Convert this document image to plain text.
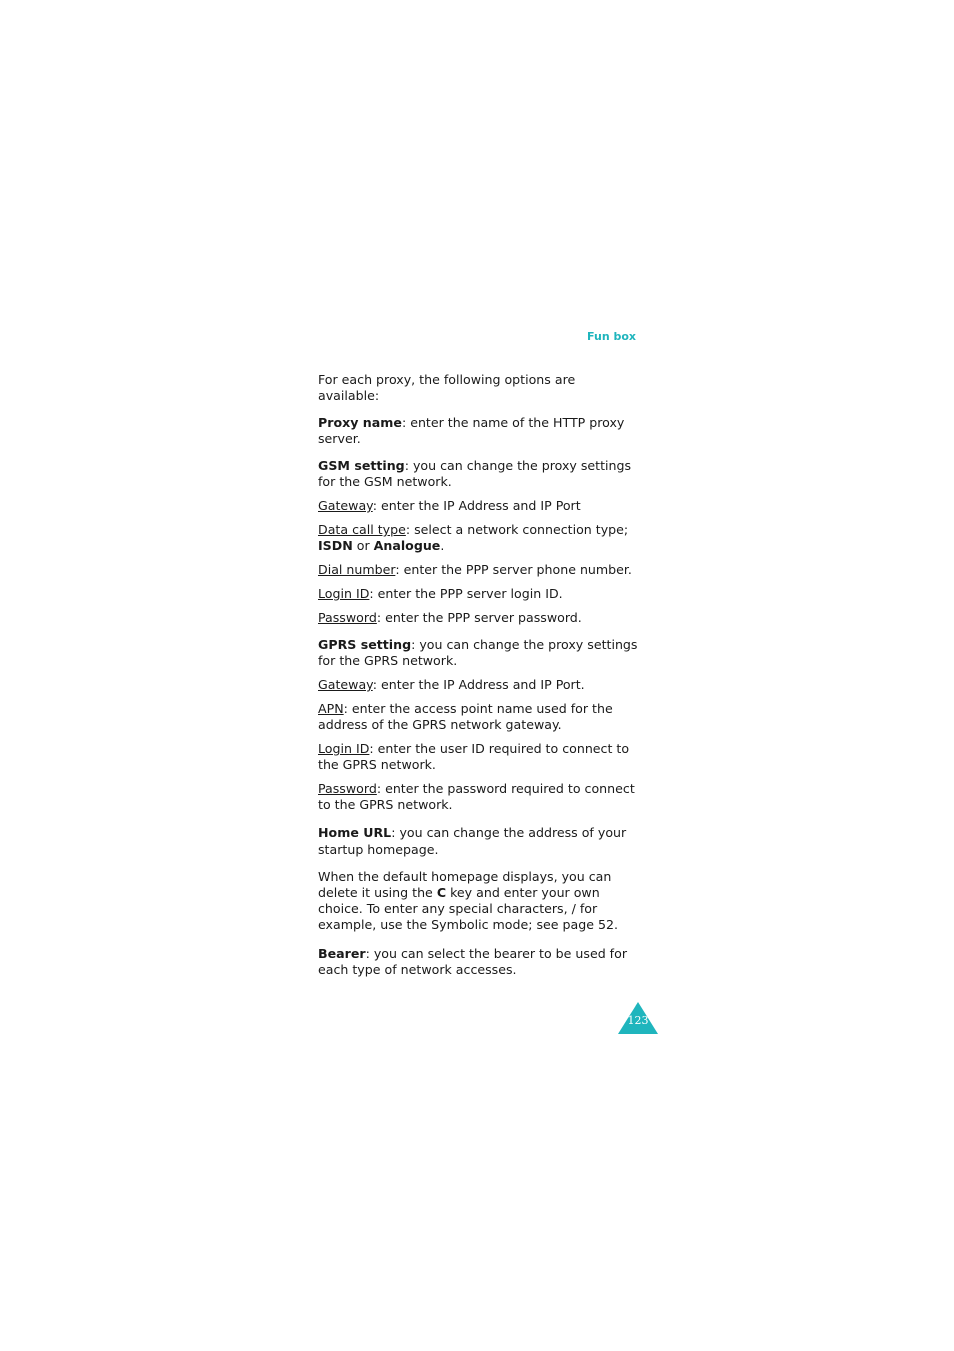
Fun box

For each proxy, the following options are available:

Proxy name: enter the name of the HTTP proxy server.

GSM setting: you can change the proxy settings for the GSM network.

Gateway: enter the IP Address and IP Port

Data call type: select a network connection type; ISDN or Analogue.

Dial number: enter the PPP server phone number.

Login ID: enter the PPP server login ID.

Password: enter the PPP server password.

GPRS setting: you can change the proxy settings for the GPRS network.

Gateway: enter the IP Address and IP Port.

APN: enter the access point name used for the address of the GPRS network gateway.

Login ID: enter the user ID required to connect to the GPRS network.

Password: enter the password required to connect to the GPRS network.

Home URL: you can change the address of your startup homepage.

When the default homepage displays, you can delete it using the C key and enter your own choice. To enter any special characters, / for example, use the Symbolic mode; see page 52.

Bearer: you can select the bearer to be used for each type of network accesses.

123
